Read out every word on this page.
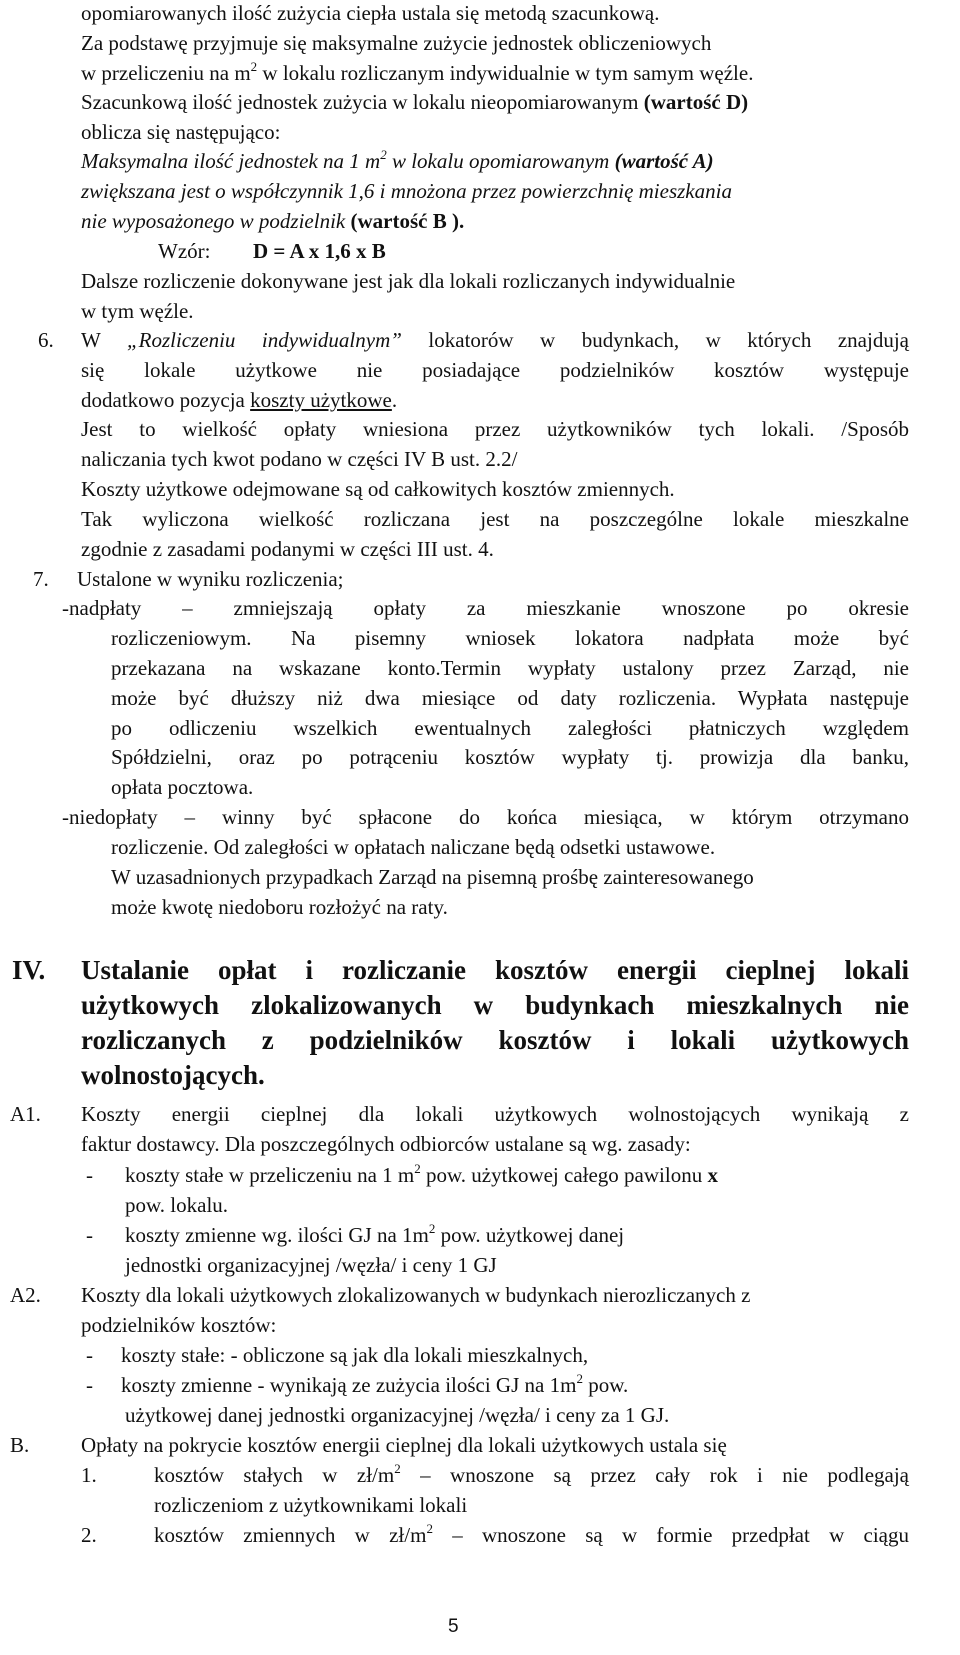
opomiarowanych ilość zużycia ciepła ustala się metodą szacunkową.
Za podstawę przyjmuje się maksymalne zużycie jednostek obliczeniowych
w przeliczeniu na $m^2$ w lokalu rozliczanym indywidualnie w tym samym węźle.
Szacunkową ilość jednostek zużycia w lokalu nieopomiarowanym (wartość D)
oblicza się następująco:
Maksymalna ilość jednostek na 1 $m^2$ w lokalu opomiarowanym (wartość A)
zwiększana jest o współczynnik 1,6 i mnożona przez powierzchnię mieszkania
nie wyposażonego w podzielnik (wartość B ).
Wzór: D = A x 1,6 x B
Dalsze rozliczenie dokonywane jest jak dla lokali rozliczanych indywidualnie
w tym węźle.
6. W „Rozliczeniu indywidualnym” lokatorów w budynkach, w których znajdują
się lokale użytkowe nie posiadające podzielników kosztów występuje
dodatkowo pozycja koszty użytkowe.
Jest to wielkość opłaty wniesiona przez użytkowników tych lokali. /Sposób
naliczania tych kwot podano w części IV B ust. 2.2/
Koszty użytkowe odejmowane są od całkowitych kosztów zmiennych.
Tak wyliczona wielkość rozliczana jest na poszczególne lokale mieszkalne
zgodnie z zasadami podanymi w części III ust. 4.
7. Ustalone w wyniku rozliczenia;
-nadpłaty – zmniejszają opłaty za mieszkanie wnoszone po okresie
rozliczeniowym. Na pisemny wniosek lokatora nadpłata może być
przekazana na wskazane konto.Termin wypłaty ustalony przez Zarząd, nie
może być dłuższy niż dwa miesiące od daty rozliczenia. Wypłata następuje
po odliczeniu wszelkich ewentualnych zaległości płatniczych względem
Spółdzielni, oraz po potrąceniu kosztów wypłaty tj. prowizja dla banku,
opłata pocztowa.
-niedopłaty – winny być spłacone do końca miesiąca, w którym otrzymano
rozliczenie. Od zaległości w opłatach naliczane będą odsetki ustawowe.
W uzasadnionych przypadkach Zarząd na pisemną prośbę zainteresowanego
może kwotę niedoboru rozłożyć na raty.
IV. Ustalanie opłat i rozliczanie kosztów energii cieplnej lokali
użytkowych zlokalizowanych w budynkach mieszkalnych nie
rozliczanych z podzielników kosztów i lokali użytkowych
wolnostojących.
A1. Koszty energii cieplnej dla lokali użytkowych wolnostojących wynikają z
faktur dostawcy. Dla poszczególnych odbiorców ustalane są wg. zasady:
- koszty stałe w przeliczeniu na 1 $m^2$ pow. użytkowej całego pawilonu x
pow. lokalu.
- koszty zmienne wg. ilości GJ na $1m^2$ pow. użytkowej danej
jednostki organizacyjnej /węzła/ i ceny 1 GJ
A2. Koszty dla lokali użytkowych zlokalizowanych w budynkach nierozliczanych z
podzielników kosztów:
- koszty stałe: - obliczone są jak dla lokali mieszkalnych,
- koszty zmienne - wynikają ze zużycia ilości GJ na $1m^2$ pow.
użytkowej danej jednostki organizacyjnej /węzła/ i ceny za 1 GJ.
B. Opłaty na pokrycie kosztów energii cieplnej dla lokali użytkowych ustala się
1.	kosztów stałych w $zł/m^2$ – wnoszone są przez cały rok i nie podlegają
rozliczeniom z użytkownikami lokali
2.	kosztów zmiennych w $zł/m^2$ – wnoszone są w formie przedpłat w ciągu
5
